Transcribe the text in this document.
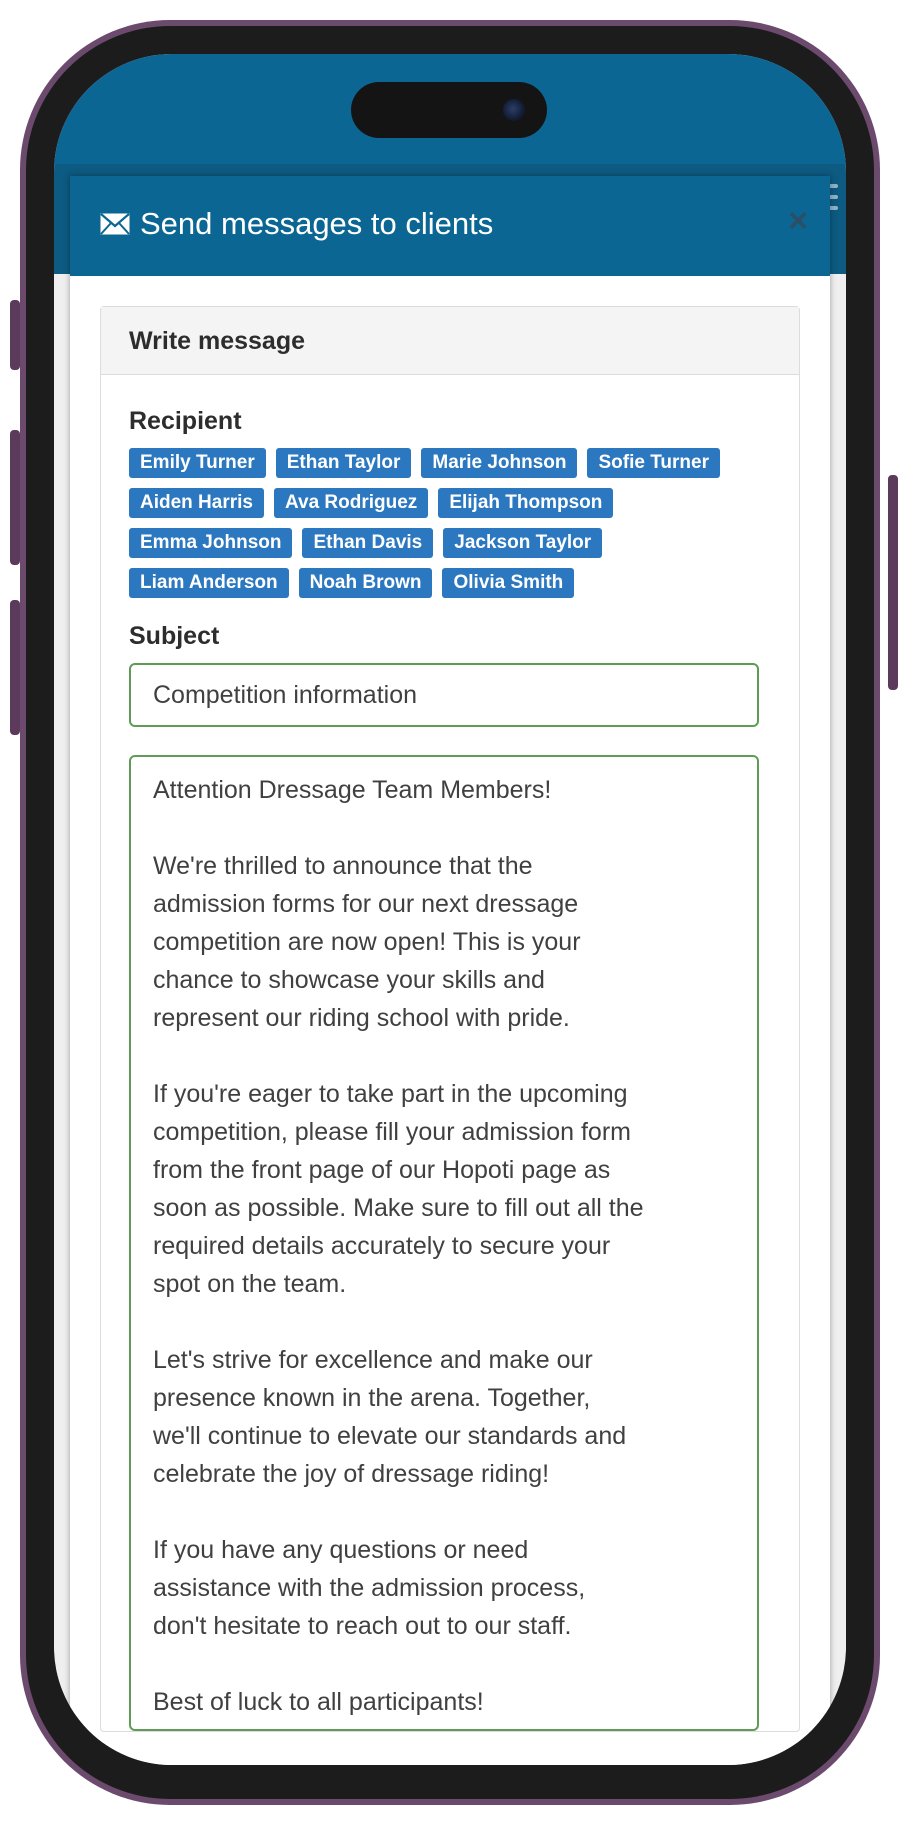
Send messages to clients	×
Write message
Recipient
Emily Turner	Ethan Taylor	Marie Johnson	Sofie Turner
Aiden Harris	Ava Rodriguez	Elijah Thompson
Emma Johnson	Ethan Davis	Jackson Taylor
Liam Anderson	Noah Brown	Olivia Smith
Subject
Competition information
Attention Dressage Team Members!

We're thrilled to announce that the
admission forms for our next dressage
competition are now open! This is your
chance to showcase your skills and
represent our riding school with pride.

If you're eager to take part in the upcoming
competition, please fill your admission form
from the front page of our Hopoti page as
soon as possible. Make sure to fill out all the
required details accurately to secure your
spot on the team.

Let's strive for excellence and make our
presence known in the arena. Together,
we'll continue to elevate our standards and
celebrate the joy of dressage riding!

If you have any questions or need
assistance with the admission process,
don't hesitate to reach out to our staff.

Best of luck to all participants!
